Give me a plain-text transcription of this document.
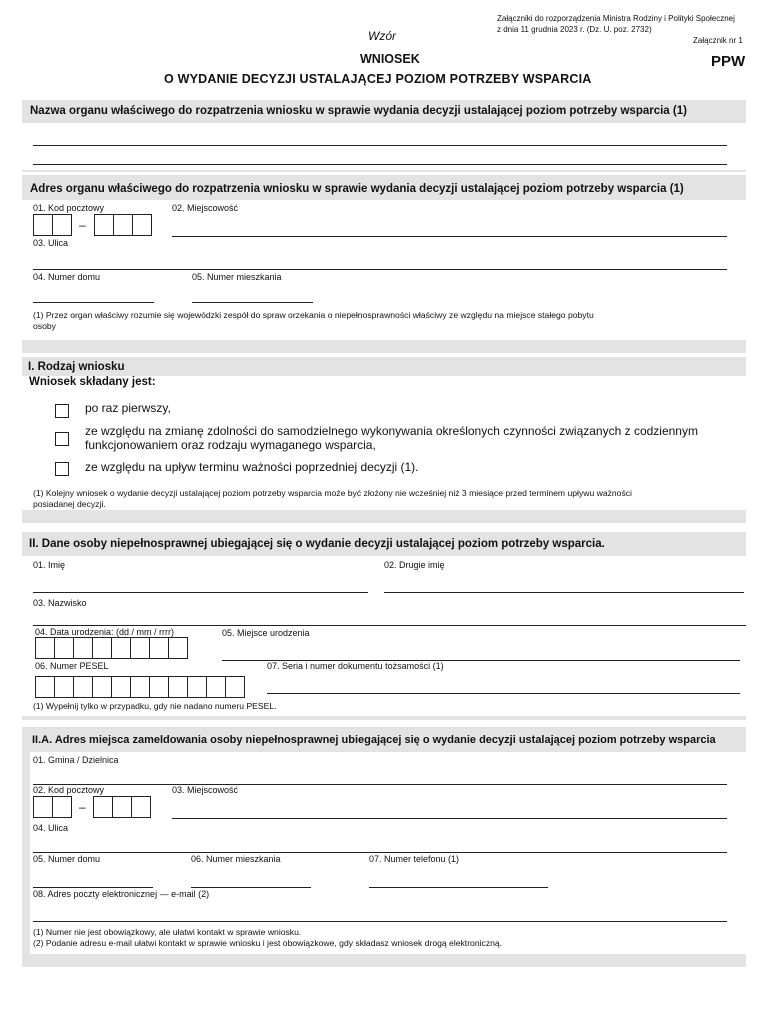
Wzór
Załączniki do rozporządzenia Ministra Rodziny i Polityki Społecznej
z dnia 11 grudnia 2023 r. (Dz. U. poz. 2732)
Załącznik nr 1
PPW
WNIOSEK
O WYDANIE DECYZJI USTALAJĄCEJ POZIOM POTRZEBY WSPARCIA
Nazwa organu właściwego do rozpatrzenia wniosku w sprawie wydania decyzji ustalającej poziom potrzeby wsparcia (1)
Adres organu właściwego do rozpatrzenia wniosku w sprawie wydania decyzji ustalającej poziom potrzeby wsparcia (1)
01. Kod pocztowy
–
02. Miejscowość
03. Ulica
04. Numer domu	05. Numer mieszkania
(1) Przez organ właściwy rozumie się wojewódzki zespół do spraw orzekania o niepełnosprawności właściwy ze względu na miejsce stałego pobytu
osoby
I. Rodzaj wniosku
Wniosek składany jest:
po raz pierwszy,
ze względu na zmianę zdolności do samodzielnego wykonywania określonych czynności związanych z codziennym
funkcjonowaniem oraz rodzaju wymaganego wsparcia,
ze względu na upływ terminu ważności poprzedniej decyzji (1).
(1) Kolejny wniosek o wydanie decyzji ustalającej poziom potrzeby wsparcia może być złożony nie wcześniej niż 3 miesiące przed terminem upływu ważności
posiadanej decyzji.
II. Dane osoby niepełnosprawnej ubiegającej się o wydanie decyzji ustalającej poziom potrzeby wsparcia.
01. Imię	02. Drugie imię
03. Nazwisko
04. Data urodzenia: (dd / mm / rrrr)	05. Miejsce urodzenia
06. Numer PESEL	07. Seria i numer dokumentu tożsamości (1)
(1) Wypełnij tylko w przypadku, gdy nie nadano numeru PESEL.
II.A. Adres miejsca zameldowania osoby niepełnosprawnej ubiegającej się o wydanie decyzji ustalającej poziom potrzeby wsparcia
01. Gmina / Dzielnica
02. Kod pocztowy
–
03. Miejscowość
04. Ulica
05. Numer domu	06. Numer mieszkania	07. Numer telefonu (1)
08. Adres poczty elektronicznej — e-mail (2)
(1) Numer nie jest obowiązkowy, ale ułatwi kontakt w sprawie wniosku.
(2) Podanie adresu e-mail ułatwi kontakt w sprawie wniosku i jest obowiązkowe, gdy składasz wniosek drogą elektroniczną.
